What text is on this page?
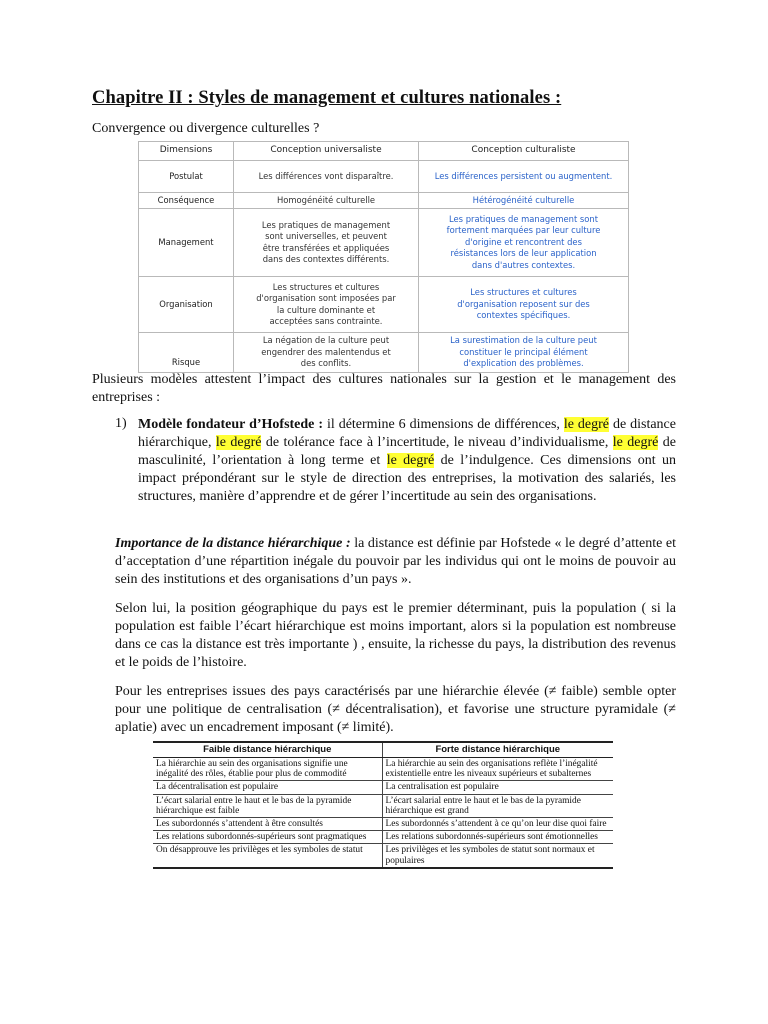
Chapitre II : Styles de management et cultures nationales :
Convergence ou divergence culturelles ?
Dimensions	Conception universaliste	Conception culturaliste
Postulat	Les différences vont disparaître.	Les différences persistent ou augmentent.
Conséquence	Homogénéité culturelle	Hétérogénéité culturelle
Management	Les pratiques de management sont universelles, et peuvent être transférées et appliquées dans des contextes différents.	Les pratiques de management sont fortement marquées par leur culture d'origine et rencontrent des résistances lors de leur application dans d'autres contextes.
Organisation	Les structures et cultures d'organisation sont imposées par la culture dominante et acceptées sans contrainte.	Les structures et cultures d'organisation reposent sur des contextes spécifiques.
Risque	La négation de la culture peut engendrer des malentendus et des conflits.	La surestimation de la culture peut constituer le principal élément d'explication des problèmes.
Plusieurs modèles attestent l’impact des cultures nationales sur la gestion et le management des entreprises :
1) Modèle fondateur d’Hofstede : il détermine 6 dimensions de différences, le degré de distance hiérarchique, le degré de tolérance face à l’incertitude, le niveau d’individualisme, le degré de masculinité, l’orientation à long terme et le degré de l’indulgence. Ces dimensions ont un impact prépondérant sur le style de direction des entreprises, la motivation des salariés, les structures, manière d’apprendre et de gérer l’incertitude au sein des organisations.
Importance de la distance hiérarchique : la distance est définie par Hofstede « le degré d’attente et d’acceptation d’une répartition inégale du pouvoir par les individus qui ont le moins de pouvoir au sein des institutions et des organisations d’un pays ».
Selon lui, la position géographique du pays est le premier déterminant, puis la population ( si la population est faible l’écart hiérarchique est moins important, alors si la population est nombreuse dans ce cas la distance est très importante ) , ensuite, la richesse du pays, la distribution des revenus et le poids de l’histoire.
Pour les entreprises issues des pays caractérisés par une hiérarchie élevée (≠ faible) semble opter pour une politique de centralisation (≠ décentralisation), et favorise une structure pyramidale (≠ aplatie) avec un encadrement imposant (≠ limité).
Faible distance hiérarchique	Forte distance hiérarchique
La hiérarchie au sein des organisations signifie une inégalité des rôles, établie pour plus de commodité	La hiérarchie au sein des organisations reflète l’inégalité existentielle entre les niveaux supérieurs et subalternes
La décentralisation est populaire	La centralisation est populaire
L’écart salarial entre le haut et le bas de la pyramide hiérarchique est faible	L’écart salarial entre le haut et le bas de la pyramide hiérarchique est grand
Les subordonnés s’attendent à être consultés	Les subordonnés s’attendent à ce qu’on leur dise quoi faire
Les relations subordonnés-supérieurs sont pragmatiques	Les relations subordonnés-supérieurs sont émotionnelles
On désapprouve les privilèges et les symboles de statut	Les privilèges et les symboles de statut sont normaux et populaires
